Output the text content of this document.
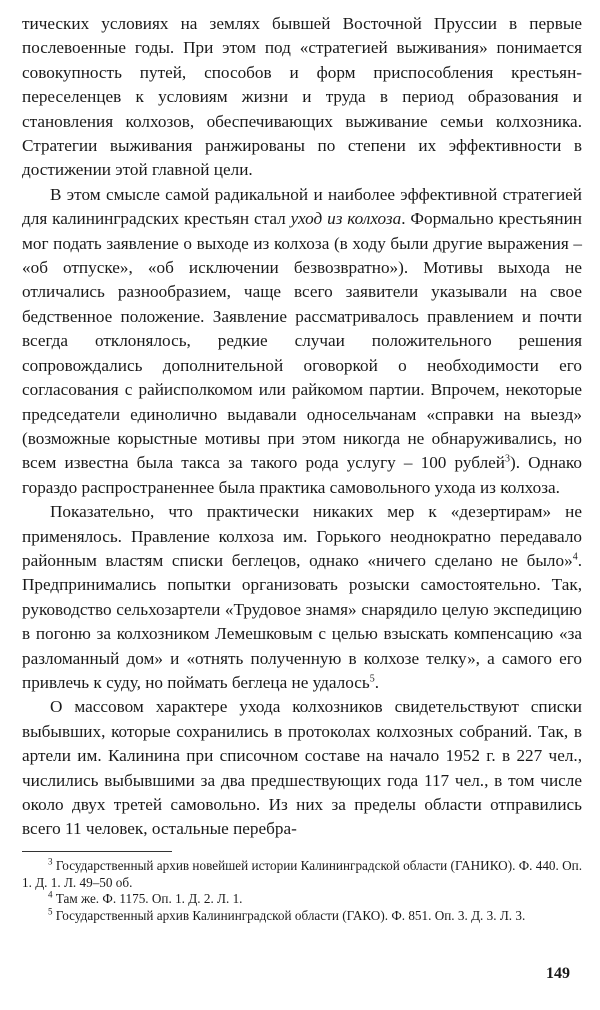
тических условиях на землях бывшей Восточной Пруссии в первые послевоенные годы. При этом под «стратегией выживания» понимается совокупность путей, способов и форм приспособления крестьян-переселенцев к условиям жизни и труда в период образования и становления колхозов, обеспечивающих выживание семьи колхозника. Стратегии выживания ранжированы по степени их эффективности в достижении этой главной цели.

В этом смысле самой радикальной и наиболее эффективной стратегией для калининградских крестьян стал уход из колхоза. Формально крестьянин мог подать заявление о выходе из колхоза (в ходу были другие выражения – «об отпуске», «об исключении безвозвратно»). Мотивы выхода не отличались разнообразием, чаще всего заявители указывали на свое бедственное положение. Заявление рассматривалось правлением и почти всегда отклонялось, редкие случаи положительного решения сопровождались дополнительной оговоркой о необходимости его согласования с райисполкомом или райкомом партии. Впрочем, некоторые председатели единолично выдавали односельчанам «справки на выезд» (возможные корыстные мотивы при этом никогда не обнаруживались, но всем известна была такса за такого рода услугу – 100 рублей$^3$). Однако гораздо распространеннее была практика самовольного ухода из колхоза.

Показательно, что практически никаких мер к «дезертирам» не применялось. Правление колхоза им. Горького неоднократно передавало районным властям списки беглецов, однако «ничего сделано не было»$^4$. Предпринимались попытки организовать розыски самостоятельно. Так, руководство сельхозартели «Трудовое знамя» снарядило целую экспедицию в погоню за колхозником Лемешковым с целью взыскать компенсацию «за разломанный дом» и «отнять полученную в колхозе телку», а самого его привлечь к суду, но поймать беглеца не удалось$^5$.

О массовом характере ухода колхозников свидетельствуют списки выбывших, которые сохранились в протоколах колхозных собраний. Так, в артели им. Калинина при списочном составе на начало 1952 г. в 227 чел., числились выбывшими за два предшествующих года 117 чел., в том числе около двух третей самовольно. Из них за пределы области отправились всего 11 человек, остальные перебра-

$^3$ Государственный архив новейшей истории Калининградской области (ГАНИКО). Ф. 440. Оп. 1. Д. 1. Л. 49–50 об.

$^4$ Там же. Ф. 1175. Оп. 1. Д. 2. Л. 1.

$^5$ Государственный архив Калининградской области (ГАКО). Ф. 851. Оп. 3. Д. 3. Л. 3.

149
